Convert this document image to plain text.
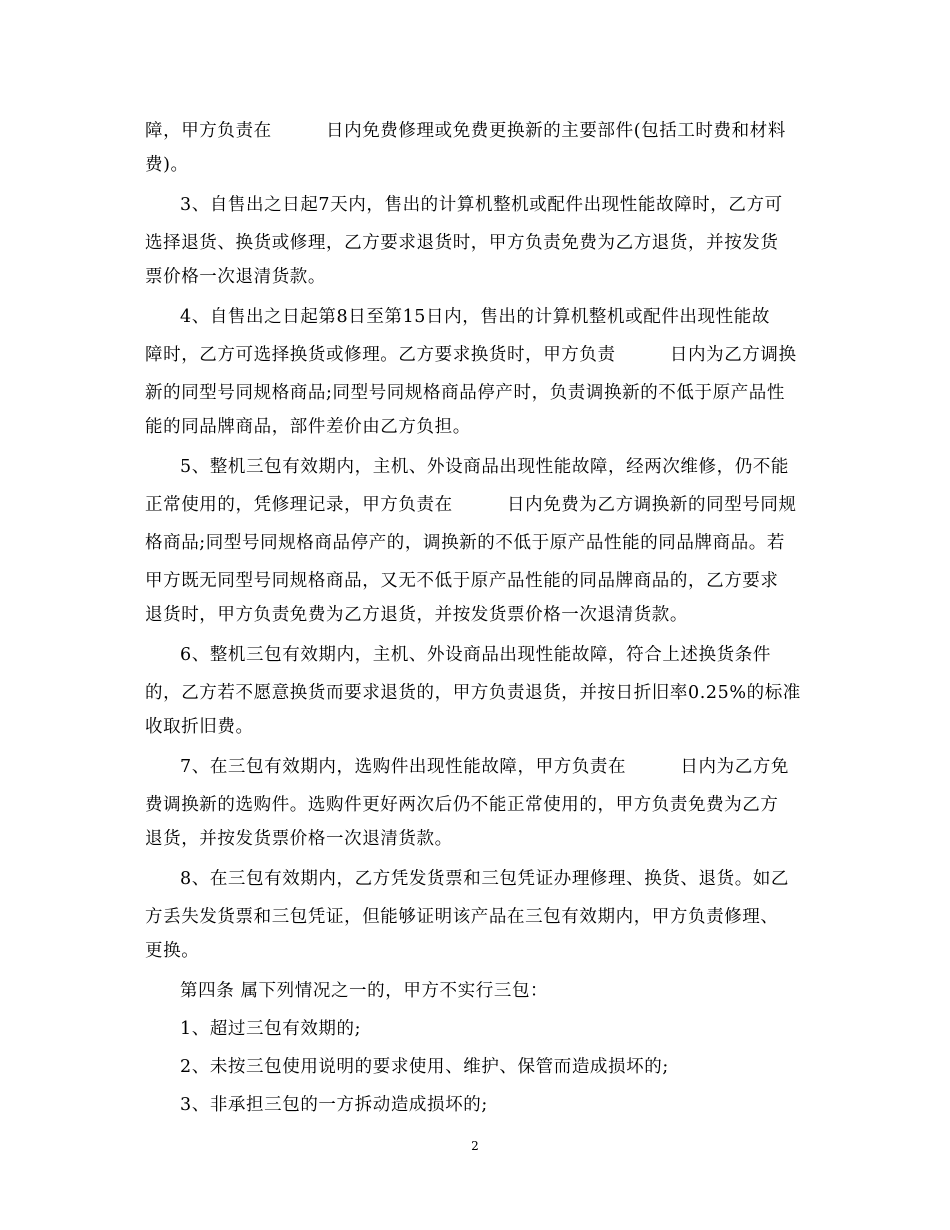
障，甲方负责在　　　日内免费修理或免费更换新的主要部件(包括工时费和材料
费)。
3、自售出之日起7天内，售出的计算机整机或配件出现性能故障时，乙方可
选择退货、换货或修理，乙方要求退货时，甲方负责免费为乙方退货，并按发货
票价格一次退清货款。
4、自售出之日起第8日至第15日内，售出的计算机整机或配件出现性能故
障时，乙方可选择换货或修理。乙方要求换货时，甲方负责　　　日内为乙方调换
新的同型号同规格商品;同型号同规格商品停产时，负责调换新的不低于原产品性
能的同品牌商品，部件差价由乙方负担。
5、整机三包有效期内，主机、外设商品出现性能故障，经两次维修，仍不能
正常使用的，凭修理记录，甲方负责在　　　日内免费为乙方调换新的同型号同规
格商品;同型号同规格商品停产的，调换新的不低于原产品性能的同品牌商品。若
甲方既无同型号同规格商品，又无不低于原产品性能的同品牌商品的，乙方要求
退货时，甲方负责免费为乙方退货，并按发货票价格一次退清货款。
6、整机三包有效期内，主机、外设商品出现性能故障，符合上述换货条件
的，乙方若不愿意换货而要求退货的，甲方负责退货，并按日折旧率0.25%的标准
收取折旧费。
7、在三包有效期内，选购件出现性能故障，甲方负责在　　　日内为乙方免
费调换新的选购件。选购件更好两次后仍不能正常使用的，甲方负责免费为乙方
退货，并按发货票价格一次退清货款。
8、在三包有效期内，乙方凭发货票和三包凭证办理修理、换货、退货。如乙
方丢失发货票和三包凭证，但能够证明该产品在三包有效期内，甲方负责修理、
更换。
第四条 属下列情况之一的，甲方不实行三包：
1、超过三包有效期的;
2、未按三包使用说明的要求使用、维护、保管而造成损坏的;
3、非承担三包的一方拆动造成损坏的;
2
